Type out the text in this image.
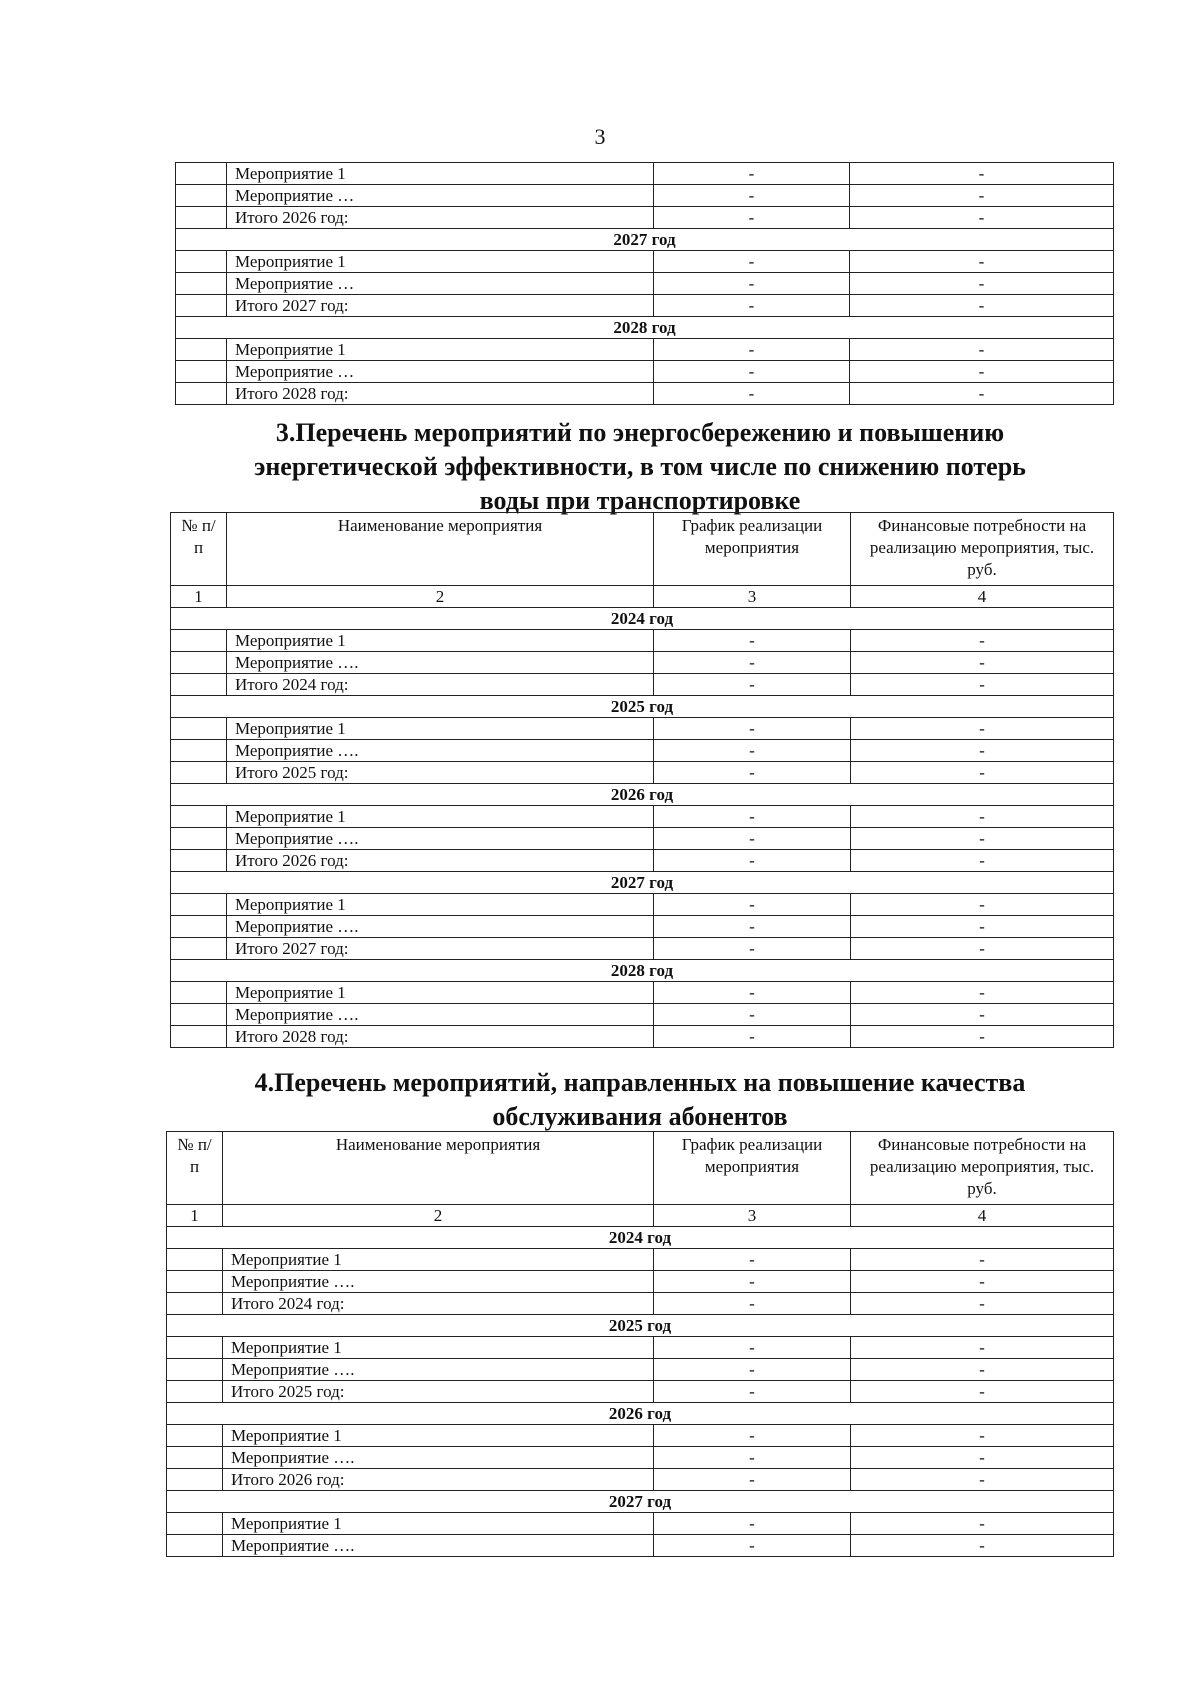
3
	Мероприятие 1	-	-
	Мероприятие …	-	-
	Итого 2026 год:	-	-
2027 год			
	Мероприятие 1	-	-
	Мероприятие …	-	-
	Итого 2027 год:	-	-
2028 год			
	Мероприятие 1	-	-
	Мероприятие …	-	-
	Итого 2028 год:	-	-
3.Перечень мероприятий по энергосбережению и повышению энергетической эффективности, в том числе по снижению потерь воды при транспортировке
№ п/п	Наименование мероприятия	График реализации мероприятия	Финансовые потребности на реализацию мероприятия, тыс. руб.
1	2	3	4
2024 год			
	Мероприятие 1	-	-
	Мероприятие ….	-	-
	Итого 2024 год:	-	-
2025 год			
	Мероприятие 1	-	-
	Мероприятие ….	-	-
	Итого 2025 год:	-	-
2026 год			
	Мероприятие 1	-	-
	Мероприятие ….	-	-
	Итого 2026 год:	-	-
2027 год			
	Мероприятие 1	-	-
	Мероприятие ….	-	-
	Итого 2027 год:	-	-
2028 год			
	Мероприятие 1	-	-
	Мероприятие ….	-	-
	Итого 2028 год:	-	-
4.Перечень мероприятий, направленных на повышение качества обслуживания абонентов
№ п/п	Наименование мероприятия	График реализации мероприятия	Финансовые потребности на реализацию мероприятия, тыс. руб.
1	2	3	4
2024 год			
	Мероприятие 1	-	-
	Мероприятие ….	-	-
	Итого 2024 год:	-	-
2025 год			
	Мероприятие 1	-	-
	Мероприятие ….	-	-
	Итого 2025 год:	-	-
2026 год			
	Мероприятие 1	-	-
	Мероприятие ….	-	-
	Итого 2026 год:	-	-
2027 год			
	Мероприятие 1	-	-
	Мероприятие ….	-	-
